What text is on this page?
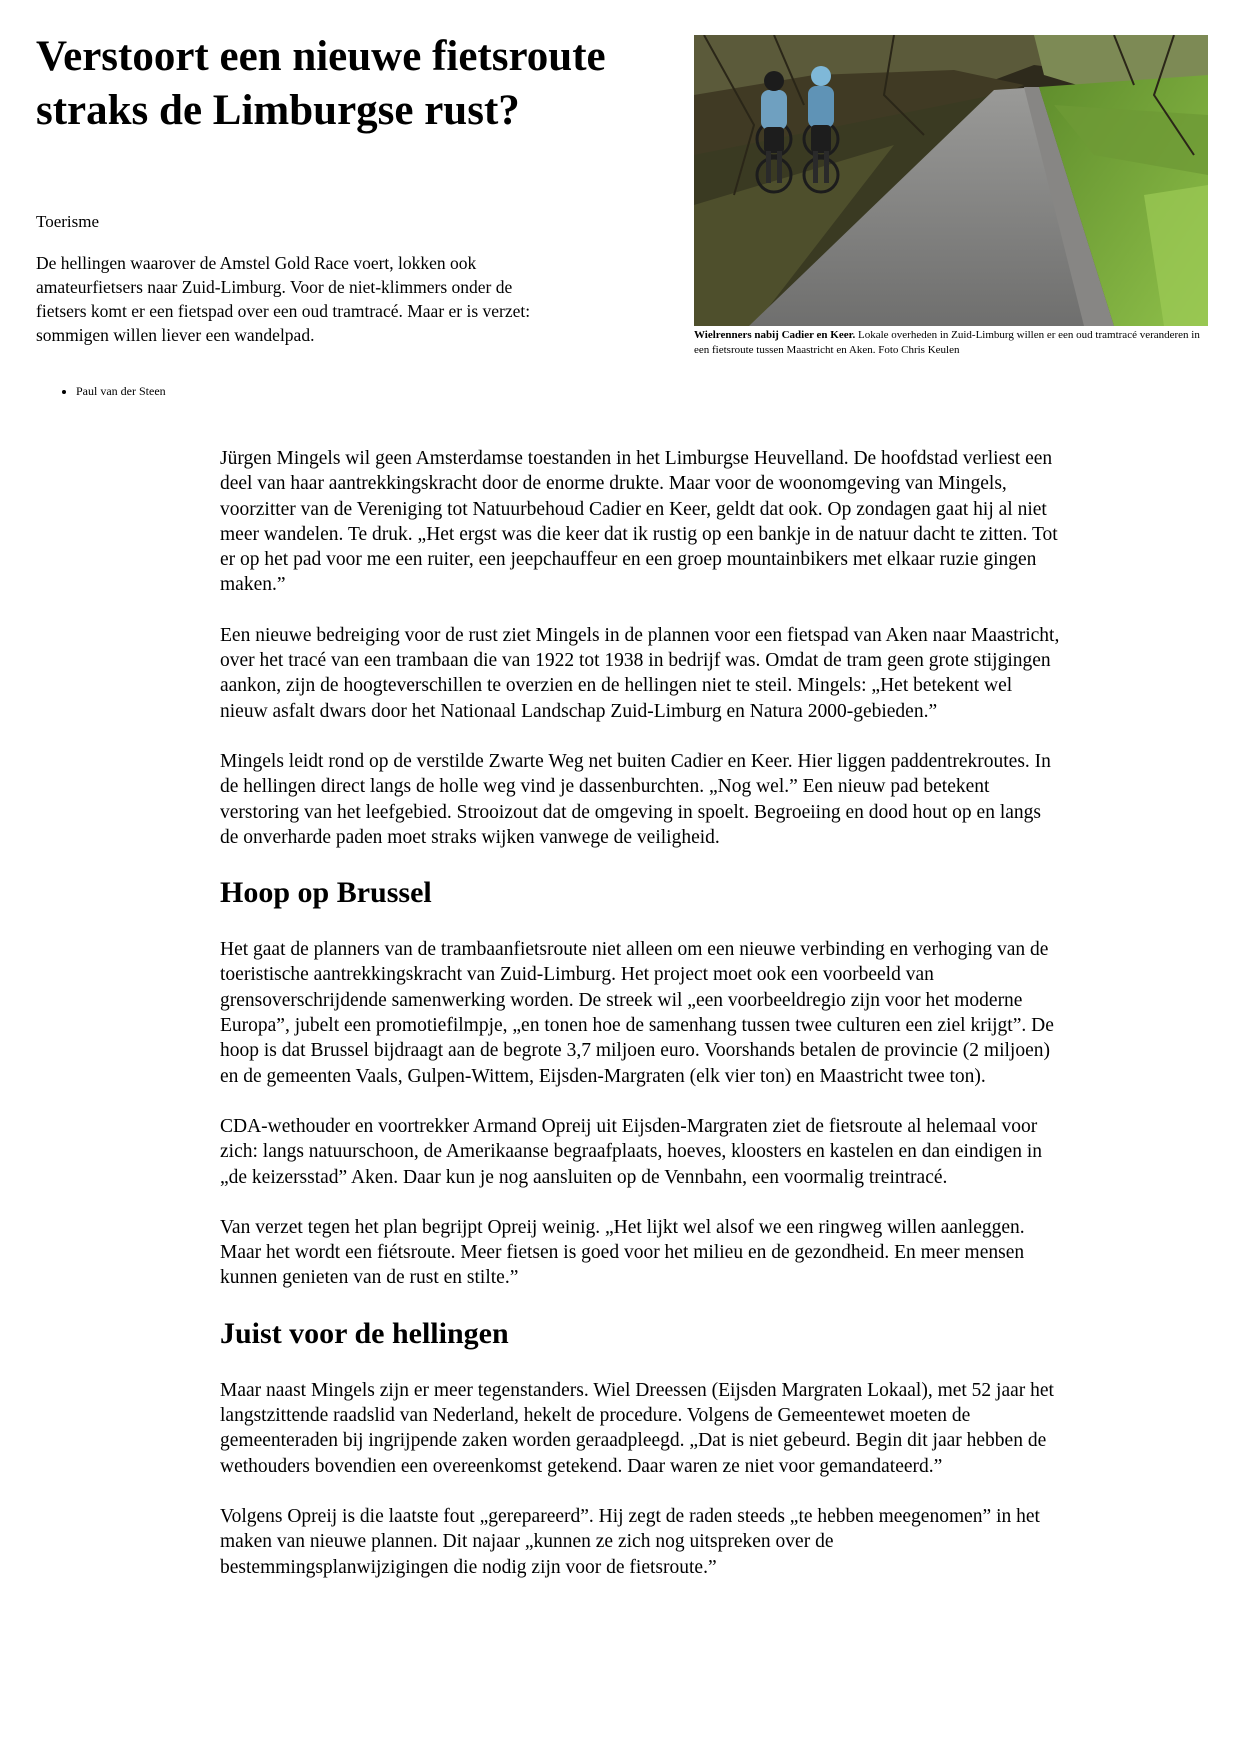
Verstoort een nieuwe fietsroute straks de Limburgse rust?
Toerisme

De hellingen waarover de Amstel Gold Race voert, lokken ook amateurfietsers naar Zuid-Limburg. Voor de niet-klimmers onder de fietsers komt er een fietspad over een oud tramtracé. Maar er is verzet: sommigen willen liever een wandelpad.

• Paul van der Steen

Wielrenners nabij Cadier en Keer. Lokale overheden in Zuid-Limburg willen er een oud tramtracé veranderen in een fietsroute tussen Maastricht en Aken. Foto Chris Keulen

Jürgen Mingels wil geen Amsterdamse toestanden in het Limburgse Heuvelland. De hoofdstad verliest een deel van haar aantrekkingskracht door de enorme drukte. Maar voor de woonomgeving van Mingels, voorzitter van de Vereniging tot Natuurbehoud Cadier en Keer, geldt dat ook. Op zondagen gaat hij al niet meer wandelen. Te druk. „Het ergst was die keer dat ik rustig op een bankje in de natuur dacht te zitten. Tot er op het pad voor me een ruiter, een jeepchauffeur en een groep mountainbikers met elkaar ruzie gingen maken.”

Een nieuwe bedreiging voor de rust ziet Mingels in de plannen voor een fietspad van Aken naar Maastricht, over het tracé van een trambaan die van 1922 tot 1938 in bedrijf was. Omdat de tram geen grote stijgingen aankon, zijn de hoogteverschillen te overzien en de hellingen niet te steil. Mingels: „Het betekent wel nieuw asfalt dwars door het Nationaal Landschap Zuid-Limburg en Natura 2000-gebieden.”

Mingels leidt rond op de verstilde Zwarte Weg net buiten Cadier en Keer. Hier liggen paddentrekroutes. In de hellingen direct langs de holle weg vind je dassenburchten. „Nog wel.” Een nieuw pad betekent verstoring van het leefgebied. Strooizout dat de omgeving in spoelt. Begroeiing en dood hout op en langs de onverharde paden moet straks wijken vanwege de veiligheid.

Hoop op Brussel

Het gaat de planners van de trambaanfietsroute niet alleen om een nieuwe verbinding en verhoging van de toeristische aantrekkingskracht van Zuid-Limburg. Het project moet ook een voorbeeld van grensoverschrijdende samenwerking worden. De streek wil „een voorbeeldregio zijn voor het moderne Europa”, jubelt een promotiefilmpje, „en tonen hoe de samenhang tussen twee culturen een ziel krijgt”. De hoop is dat Brussel bijdraagt aan de begrote 3,7 miljoen euro. Voorshands betalen de provincie (2 miljoen) en de gemeenten Vaals, Gulpen-Wittem, Eijsden-Margraten (elk vier ton) en Maastricht twee ton).

CDA-wethouder en voortrekker Armand Opreij uit Eijsden-Margraten ziet de fietsroute al helemaal voor zich: langs natuurschoon, de Amerikaanse begraafplaats, hoeves, kloosters en kastelen en dan eindigen in „de keizersstad” Aken. Daar kun je nog aansluiten op de Vennbahn, een voormalig treintracé.

Van verzet tegen het plan begrijpt Opreij weinig. „Het lijkt wel alsof we een ringweg willen aanleggen. Maar het wordt een fiétsroute. Meer fietsen is goed voor het milieu en de gezondheid. En meer mensen kunnen genieten van de rust en stilte.”

Juist voor de hellingen

Maar naast Mingels zijn er meer tegenstanders. Wiel Dreessen (Eijsden Margraten Lokaal), met 52 jaar het langstzittende raadslid van Nederland, hekelt de procedure. Volgens de Gemeentewet moeten de gemeenteraden bij ingrijpende zaken worden geraadpleegd. „Dat is niet gebeurd. Begin dit jaar hebben de wethouders bovendien een overeenkomst getekend. Daar waren ze niet voor gemandateerd.”

Volgens Opreij is die laatste fout „gerepareerd”. Hij zegt de raden steeds „te hebben meegenomen” in het maken van nieuwe plannen. Dit najaar „kunnen ze zich nog uitspreken over de bestemmingsplanwijzigingen die nodig zijn voor de fietsroute.”
